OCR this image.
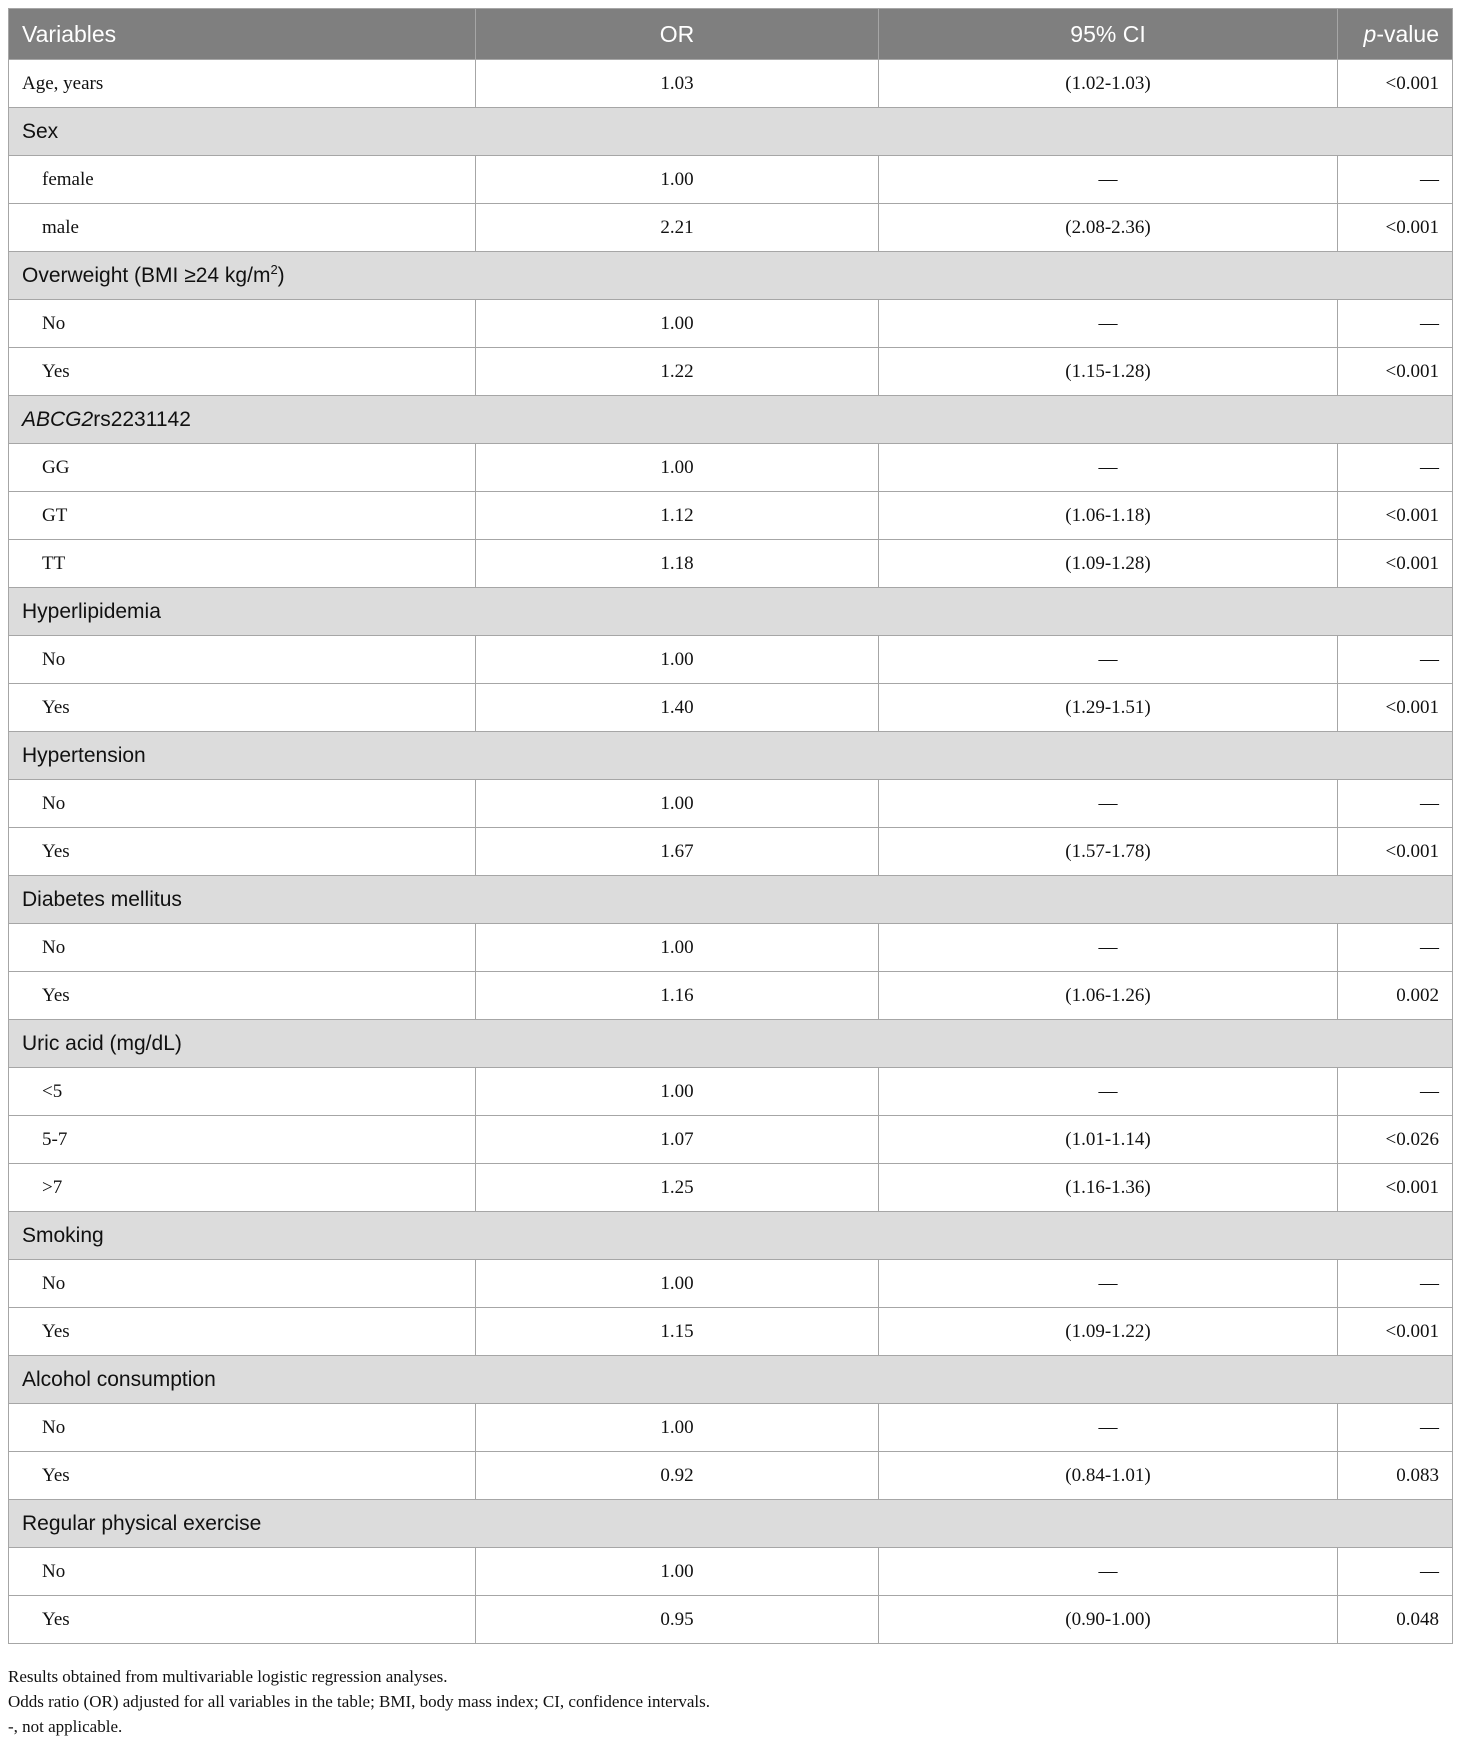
Variables	OR	95% CI	p-value
Age, years	1.03	(1.02-1.03)	<0.001
Sex			
female	1.00	—	—
male	2.21	(2.08-2.36)	<0.001
Overweight (BMI ≥24 $kg/m^2$)			
No	1.00	—	—
Yes	1.22	(1.15-1.28)	<0.001
ABCG2rs2231142			
GG	1.00	—	—
GT	1.12	(1.06-1.18)	<0.001
TT	1.18	(1.09-1.28)	<0.001
Hyperlipidemia			
No	1.00	—	—
Yes	1.40	(1.29-1.51)	<0.001
Hypertension			
No	1.00	—	—
Yes	1.67	(1.57-1.78)	<0.001
Diabetes mellitus			
No	1.00	—	—
Yes	1.16	(1.06-1.26)	0.002
Uric acid (mg/dL)			
<5	1.00	—	—
5-7	1.07	(1.01-1.14)	<0.026
>7	1.25	(1.16-1.36)	<0.001
Smoking			
No	1.00	—	—
Yes	1.15	(1.09-1.22)	<0.001
Alcohol consumption			
No	1.00	—	—
Yes	0.92	(0.84-1.01)	0.083
Regular physical exercise			
No	1.00	—	—
Yes	0.95	(0.90-1.00)	0.048
Results obtained from multivariable logistic regression analyses.
Odds ratio (OR) adjusted for all variables in the table; BMI, body mass index; CI, confidence intervals.
-, not applicable.
